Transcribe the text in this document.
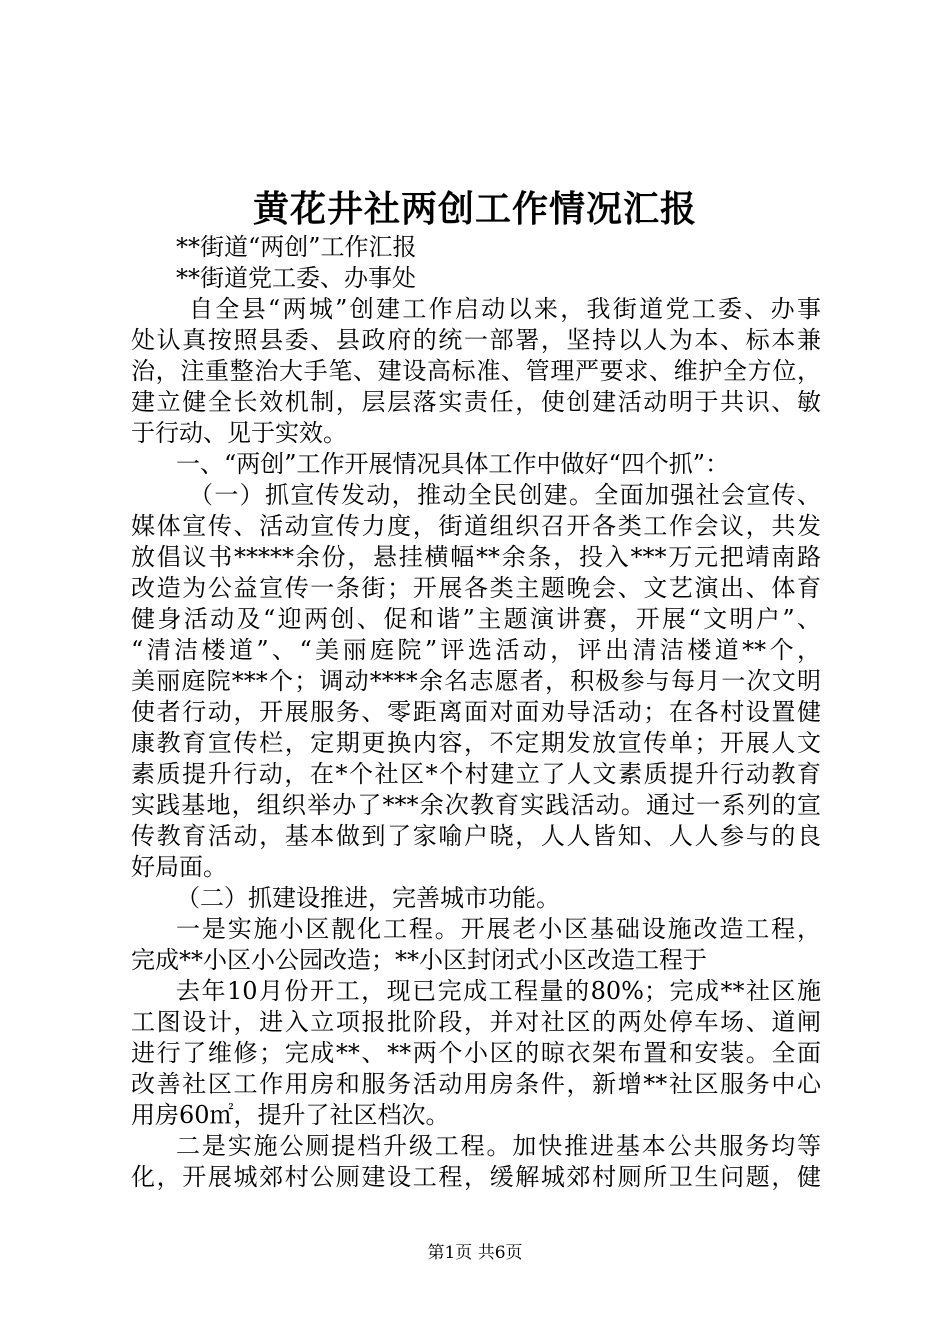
黄花井社两创工作情况汇报
**街道“两创”工作汇报
**街道党工委、办事处
自全县“两城”创建工作启动以来，我街道党工委、办事
处认真按照县委、县政府的统一部署，坚持以人为本、标本兼
治，注重整治大手笔、建设高标准、管理严要求、维护全方位，
建立健全长效机制，层层落实责任，使创建活动明于共识、敏
于行动、见于实效。
一、“两创”工作开展情况具体工作中做好“四个抓”：
（一）抓宣传发动，推动全民创建。全面加强社会宣传、
媒体宣传、活动宣传力度，街道组织召开各类工作会议，共发
放倡议书*****余份，悬挂横幅**余条，投入***万元把靖南路
改造为公益宣传一条街；开展各类主题晚会、文艺演出、体育
健身活动及“迎两创、促和谐”主题演讲赛，开展“文明户”、
“清洁楼道”、“美丽庭院”评选活动，评出清洁楼道**个，
美丽庭院***个；调动****余名志愿者，积极参与每月一次文明
使者行动，开展服务、零距离面对面劝导活动；在各村设置健
康教育宣传栏，定期更换内容，不定期发放宣传单；开展人文
素质提升行动，在*个社区*个村建立了人文素质提升行动教育
实践基地，组织举办了***余次教育实践活动。通过一系列的宣
传教育活动，基本做到了家喻户晓，人人皆知、人人参与的良
好局面。
（二）抓建设推进，完善城市功能。
一是实施小区靓化工程。开展老小区基础设施改造工程，
完成**小区小公园改造；**小区封闭式小区改造工程于
去年10月份开工，现已完成工程量的80%；完成**社区施
工图设计，进入立项报批阶段，并对社区的两处停车场、道闸
进行了维修；完成**、**两个小区的晾衣架布置和安装。全面
改善社区工作用房和服务活动用房条件，新增**社区服务中心
用房60㎡，提升了社区档次。
二是实施公厕提档升级工程。加快推进基本公共服务均等
化，开展城郊村公厕建设工程，缓解城郊村厕所卫生问题，健
第1页 共6页
